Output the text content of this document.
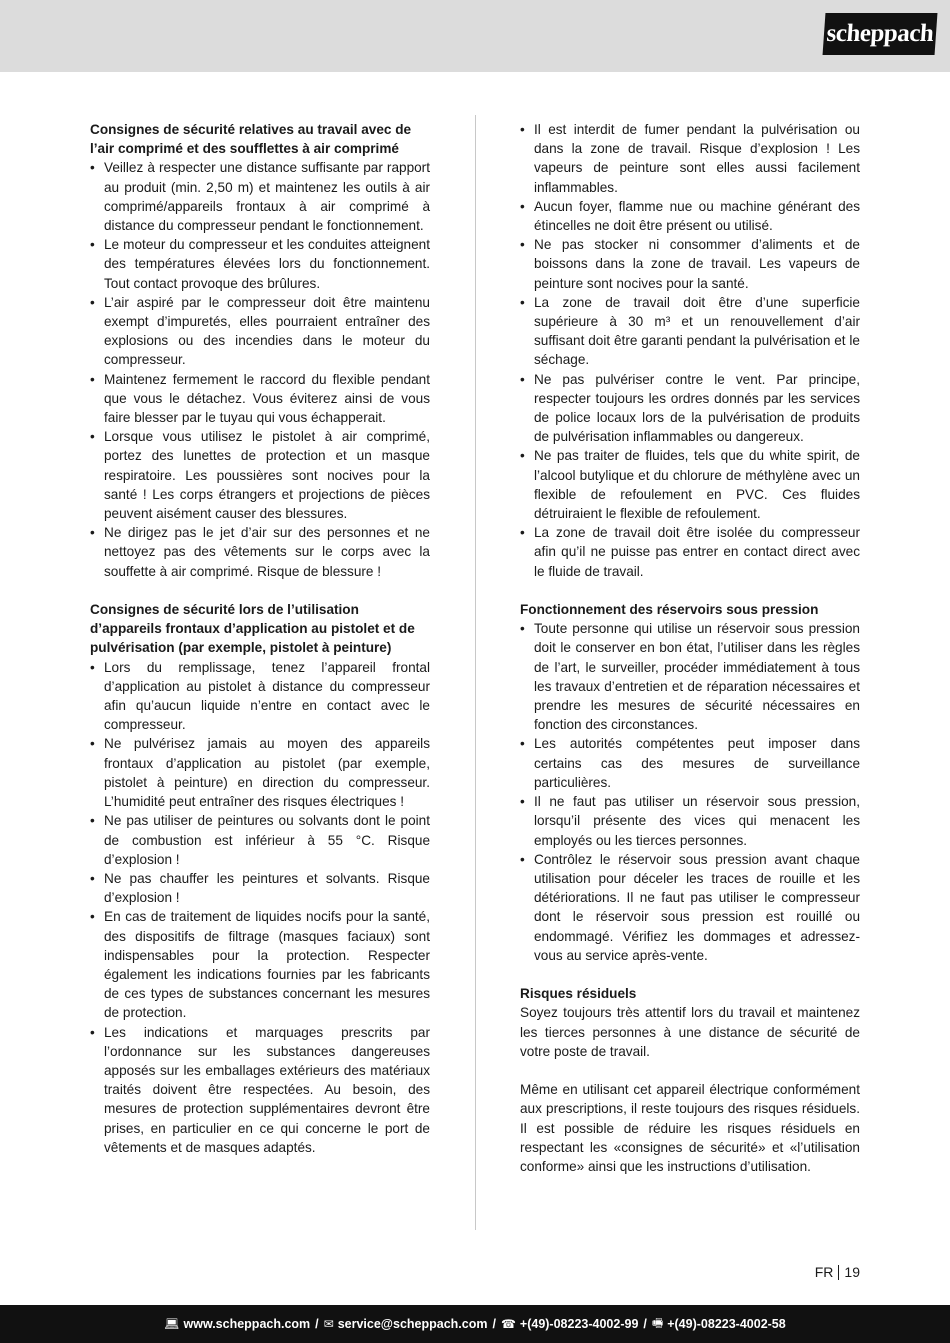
scheppach

Consignes de sécurité relatives au travail avec de l’air comprimé et des soufflettes à air comprimé

• Veillez à respecter une distance suffisante par rapport au produit (min. 2,50 m) et maintenez les outils à air comprimé/appareils frontaux à air comprimé à distance du compresseur pendant le fonctionnement.
• Le moteur du compresseur et les conduites atteignent des températures élevées lors du fonctionnement. Tout contact provoque des brûlures.
• L’air aspiré par le compresseur doit être maintenu exempt d’impuretés, elles pourraient entraîner des explosions ou des incendies dans le moteur du compresseur.
• Maintenez fermement le raccord du flexible pendant que vous le détachez. Vous éviterez ainsi de vous faire blesser par le tuyau qui vous échapperait.
• Lorsque vous utilisez le pistolet à air comprimé, portez des lunettes de protection et un masque respiratoire. Les poussières sont nocives pour la santé ! Les corps étrangers et projections de pièces peuvent aisément causer des blessures.
• Ne dirigez pas le jet d’air sur des personnes et ne nettoyez pas des vêtements sur le corps avec la souffette à air comprimé. Risque de blessure !

Consignes de sécurité lors de l’utilisation d’appareils frontaux d’application au pistolet et de pulvérisation (par exemple, pistolet à peinture)

• Lors du remplissage, tenez l’appareil frontal d’application au pistolet à distance du compresseur afin qu’aucun liquide n’entre en contact avec le compresseur.
• Ne pulvérisez jamais au moyen des appareils frontaux d’application au pistolet (par exemple, pistolet à peinture) en direction du compresseur. L’humidité peut entraîner des risques électriques !
• Ne pas utiliser de peintures ou solvants dont le point de combustion est inférieur à 55 °C. Risque d’explosion !
• Ne pas chauffer les peintures et solvants. Risque d’explosion !
• En cas de traitement de liquides nocifs pour la santé, des dispositifs de filtrage (masques faciaux) sont indispensables pour la protection. Respecter également les indications fournies par les fabricants de ces types de substances concernant les mesures de protection.
• Les indications et marquages prescrits par l’ordonnance sur les substances dangereuses apposés sur les emballages extérieurs des matériaux traités doivent être respectées. Au besoin, des mesures de protection supplémentaires devront être prises, en particulier en ce qui concerne le port de vêtements et de masques adaptés.
• Il est interdit de fumer pendant la pulvérisation ou dans la zone de travail. Risque d’explosion ! Les vapeurs de peinture sont elles aussi facilement inflammables.
• Aucun foyer, flamme nue ou machine générant des étincelles ne doit être présent ou utilisé.
• Ne pas stocker ni consommer d’aliments et de boissons dans la zone de travail. Les vapeurs de peinture sont nocives pour la santé.
• La zone de travail doit être d’une superficie supérieure à 30 m³ et un renouvellement d’air suffisant doit être garanti pendant la pulvérisation et le séchage.
• Ne pas pulvériser contre le vent. Par principe, respecter toujours les ordres donnés par les services de police locaux lors de la pulvérisation de produits de pulvérisation inflammables ou dangereux.
• Ne pas traiter de fluides, tels que du white spirit, de l’alcool butylique et du chlorure de méthylène avec un flexible de refoulement en PVC. Ces fluides détruiraient le flexible de refoulement.
• La zone de travail doit être isolée du compresseur afin qu’il ne puisse pas entrer en contact direct avec le fluide de travail.

Fonctionnement des réservoirs sous pression

• Toute personne qui utilise un réservoir sous pression doit le conserver en bon état, l’utiliser dans les règles de l’art, le surveiller, procéder immédiatement à tous les travaux d’entretien et de réparation nécessaires et prendre les mesures de sécurité nécessaires en fonction des circonstances.
• Les autorités compétentes peut imposer dans certains cas des mesures de surveillance particulières.
• Il ne faut pas utiliser un réservoir sous pression, lorsqu’il présente des vices qui menacent les employés ou les tierces personnes.
• Contrôlez le réservoir sous pression avant chaque utilisation pour déceler les traces de rouille et les détériorations. Il ne faut pas utiliser le compresseur dont le réservoir sous pression est rouillé ou endommagé. Vérifiez les dommages et adressez-vous au service après-vente.

Risques résiduels

Soyez toujours très attentif lors du travail et maintenez les tierces personnes à une distance de sécurité de votre poste de travail.

Même en utilisant cet appareil électrique conformément aux prescriptions, il reste toujours des risques résiduels. Il est possible de réduire les risques résiduels en respectant les «consignes de sécurité» et «l’utilisation conforme» ainsi que les instructions d’utilisation.

FR 19
💻︎ www.scheppach.com / ✉︎ service@scheppach.com / ☎︎ +(49)-08223-4002-99 / 🖷︎ +(49)-08223-4002-58
